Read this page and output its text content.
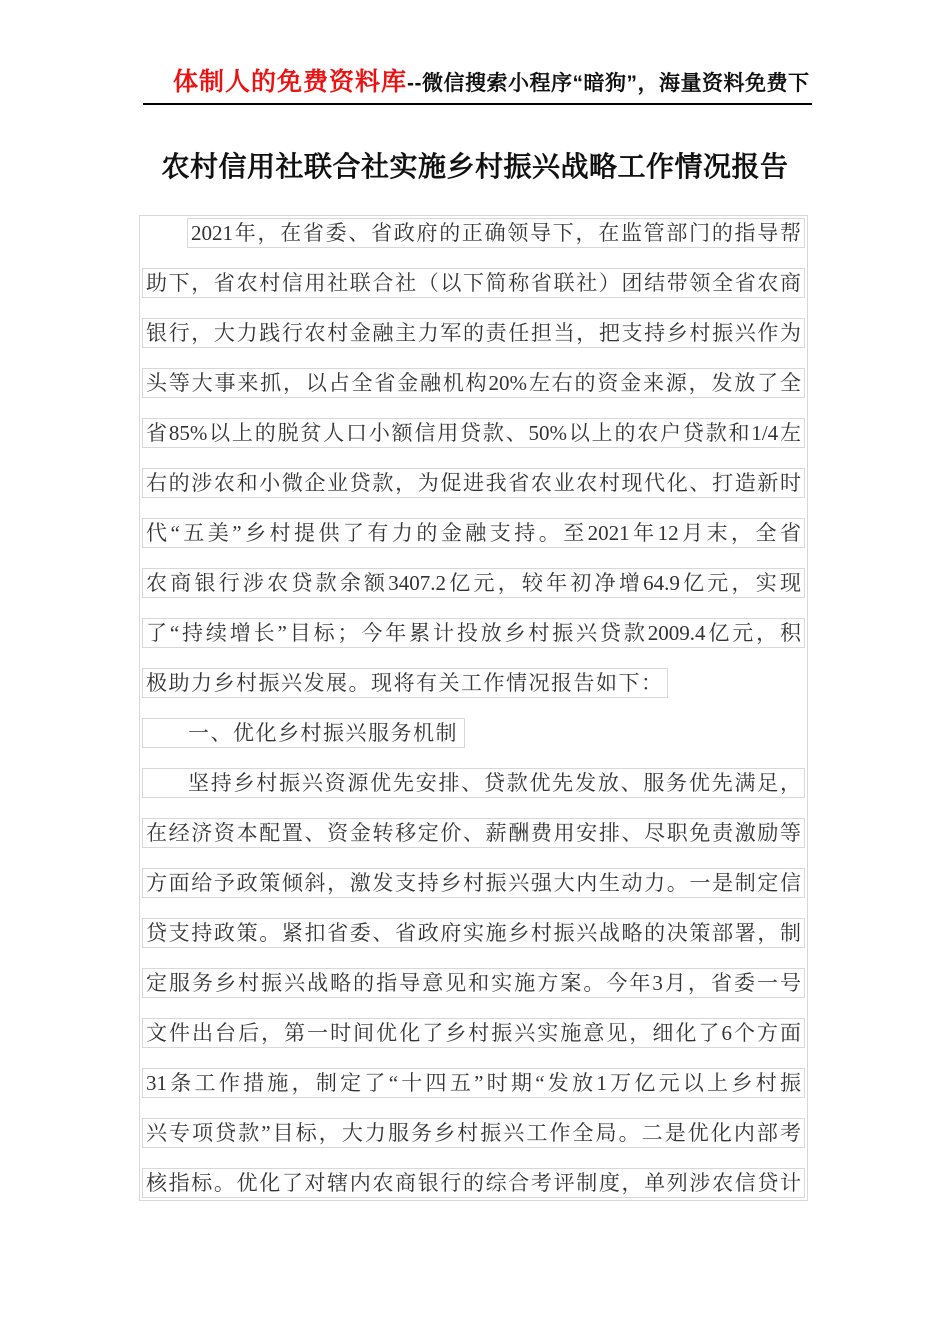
体制人的免费资料库--微信搜索小程序“暗狗”，海量资料免费下
农村信用社联合社实施乡村振兴战略工作情况报告
2021年，在省委、省政府的正确领导下，在监管部门的指导帮
助下，省农村信用社联合社（以下简称省联社）团结带领全省农商
银行，大力践行农村金融主力军的责任担当，把支持乡村振兴作为
头等大事来抓，以占全省金融机构20%左右的资金来源，发放了全
省85%以上的脱贫人口小额信用贷款、50%以上的农户贷款和1/4左
右的涉农和小微企业贷款，为促进我省农业农村现代化、打造新时
代“五美”乡村提供了有力的金融支持。至2021年12月末，全省
农商银行涉农贷款余额3407.2亿元，较年初净增64.9亿元，实现
了“持续增长”目标；今年累计投放乡村振兴贷款2009.4亿元，积
极助力乡村振兴发展。现将有关工作情况报告如下：
一、优化乡村振兴服务机制
坚持乡村振兴资源优先安排、贷款优先发放、服务优先满足，
在经济资本配置、资金转移定价、薪酬费用安排、尽职免责激励等
方面给予政策倾斜，激发支持乡村振兴强大内生动力。一是制定信
贷支持政策。紧扣省委、省政府实施乡村振兴战略的决策部署，制
定服务乡村振兴战略的指导意见和实施方案。今年3月，省委一号
文件出台后，第一时间优化了乡村振兴实施意见，细化了6个方面
31条工作措施，制定了“十四五”时期“发放1万亿元以上乡村振
兴专项贷款”目标，大力服务乡村振兴工作全局。二是优化内部考
核指标。优化了对辖内农商银行的综合考评制度，单列涉农信贷计
